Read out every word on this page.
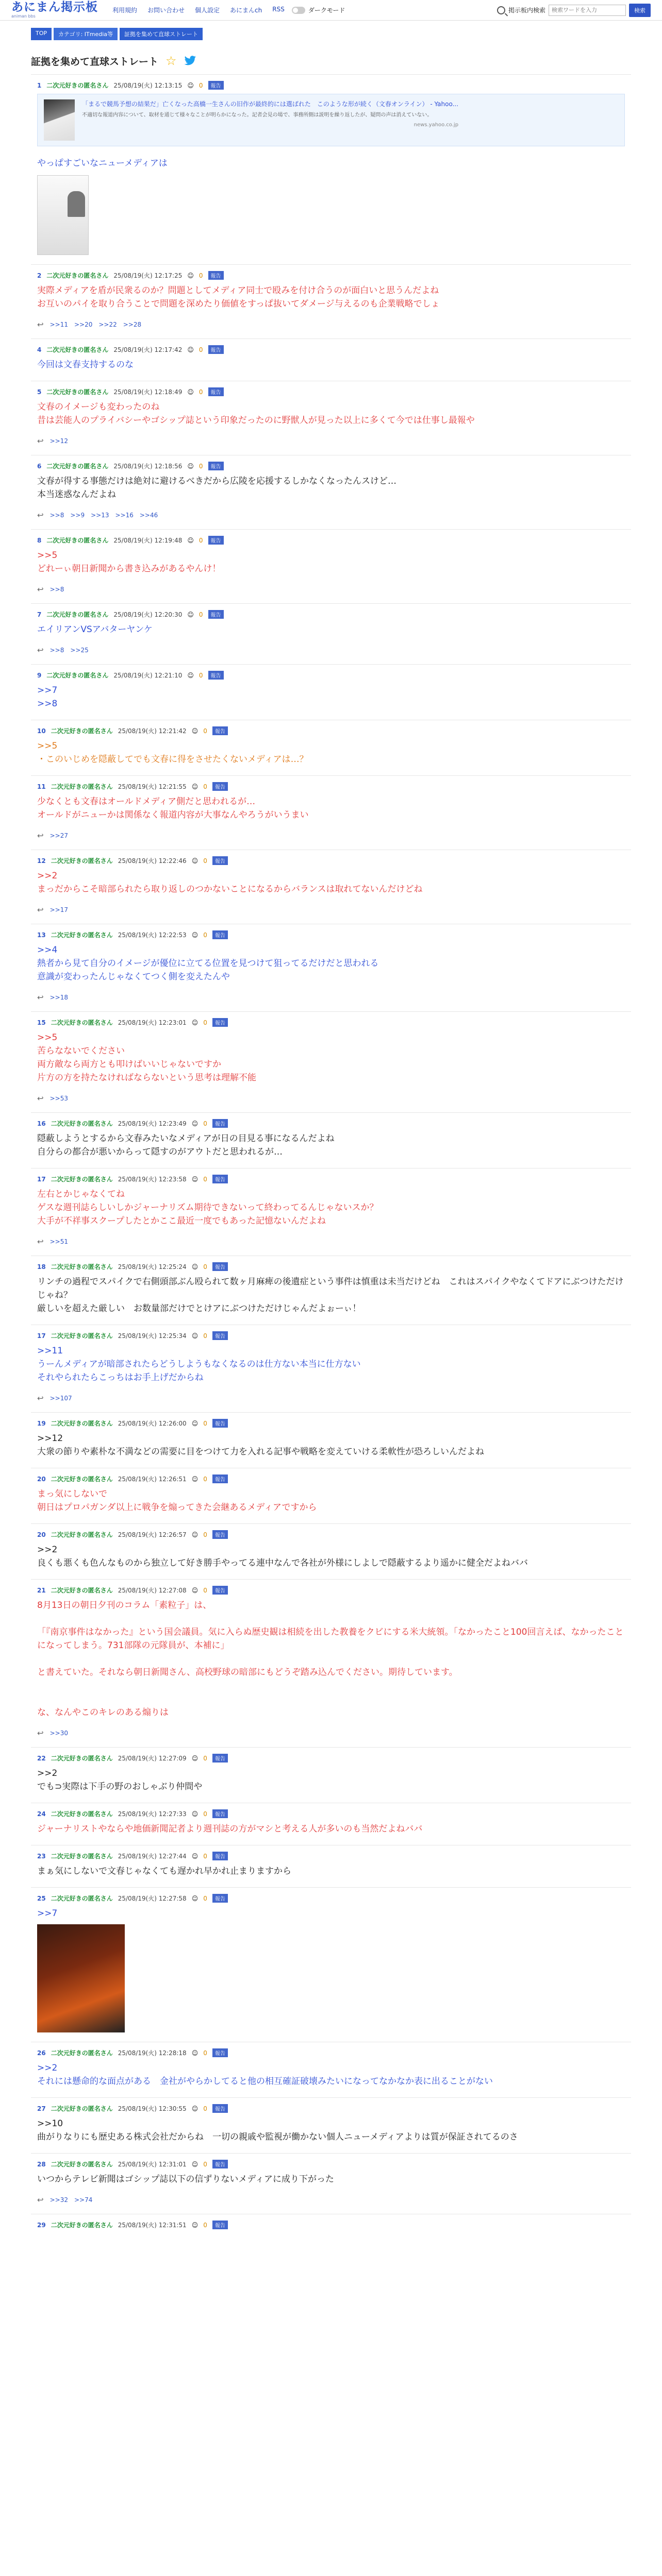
あにまん掲示板
animan bbs
利用規約 お問い合わせ 個人設定 あにまんch RSS	ダークモード	掲示板内検索
検索ワードを入力	検索
TOP	カテゴリ: ITmedia等	証拠を集めて直球ストレート
証拠を集めて直球ストレート ☆
1 二次元好きの匿名さん 25/08/19(火) 12:13:15 ☺ 0	報告
「まるで競馬予想の結果だ」亡くなった高橋一生さんの旧作が最終的には選ばれた　このような形が続く（文春オンライン） - Yahoo...
不適切な報道内容について、取材を通じて様々なことが明らかになった。記者会見の場で、事務所側は説明を繰り返したが、疑問の声は消えていない。
news.yahoo.co.jp
やっぱすごいなニューメディアは
2 二次元好きの匿名さん 25/08/19(火) 12:17:25 ☺ 0	報告
実際メディアを盾が民衆るのか？問題としてメディア同士で殴みを付け合うのが面白いと思うんだよね
お互いのパイを取り合うことで問題を深めたり価値をすっぱ抜いてダメージ与えるのも企業戦略でしょ
↩ >>11 >>20 >>22 >>28
4 二次元好きの匿名さん 25/08/19(火) 12:17:42 ☺ 0	報告
今回は文春支持するのな
5 二次元好きの匿名さん 25/08/19(火) 12:18:49 ☺ 0	報告
文春のイメージも変わったのね
昔は芸能人のプライバシーやゴシップ誌という印象だったのに野獣人が見った以上に多くて今では仕事し最報や
↩ >>12
6 二次元好きの匿名さん 25/08/19(火) 12:18:56 ☺ 0	報告
文春が得する事態だけは絶対に避けるべきだから広陵を応援するしかなくなったんスけど…
本当迷惑なんだよね
↩ >>8 >>9 >>13 >>16 >>46
8 二次元好きの匿名さん 25/08/19(火) 12:19:48 ☺ 0	報告
>>5
どれーぃ朝日新聞から書き込みがあるやんけ！
↩ >>8
7 二次元好きの匿名さん 25/08/19(火) 12:20:30 ☺ 0	報告
エイリアンVSアバターヤンケ
↩ >>8 >>25
9 二次元好きの匿名さん 25/08/19(火) 12:21:10 ☺ 0	報告
>>7
>>8
10 二次元好きの匿名さん 25/08/19(火) 12:21:42 ☺ 0	報告
>>5
・このいじめを隠蔽してでも文春に得をさせたくないメディアは…？
11 二次元好きの匿名さん 25/08/19(火) 12:21:55 ☺ 0	報告
少なくとも文春はオールドメディア側だと思われるが…
オールドがニューかは関係なく報道内容が大事なんやろうがいうまい
↩ >>27
12 二次元好きの匿名さん 25/08/19(火) 12:22:46 ☺ 0	報告
>>2
まっだからこそ暗部られたら取り返しのつかないことになるからバランスは取れてないんだけどね
↩ >>17
13 二次元好きの匿名さん 25/08/19(火) 12:22:53 ☺ 0	報告
>>4
熱者から見て自分のイメージが優位に立てる位置を見つけて狙ってるだけだと思われる
意識が変わったんじゃなくてつく側を変えたんや
↩ >>18
15 二次元好きの匿名さん 25/08/19(火) 12:23:01 ☺ 0	報告
>>5
苦らなないでください
両方敵なら両方とも叩けばいいじゃないですか
片方の方を持たなければならないという思考は理解不能
↩ >>53
16 二次元好きの匿名さん 25/08/19(火) 12:23:49 ☺ 0	報告
隠蔽しようとするから文春みたいなメディアが日の目見る事になるんだよね
自分らの都合が悪いからって隠すのがアウトだと思われるが…
17 二次元好きの匿名さん 25/08/19(火) 12:23:58 ☺ 0	報告
左右とかじゃなくてね
ゲスな週刊誌らしいしかジャーナリズム期待できないって終わってるんじゃないスか？
大手が不祥事スクープしたとかここ最近一度でもあった記憶ないんだよね
↩ >>51
18 二次元好きの匿名さん 25/08/19(火) 12:25:24 ☺ 0	報告
リンチの過程でスパイクで右側頭部ぶん殴られて数ヶ月麻痺の後遺症という事件は慎重は未当だけどね　これはスパイクやなくてドアにぶつけただけじゃね？
厳しいを超えた厳しい　お数量部だけでとけアにぶつけただけじゃんだよぉーぃ！
17 二次元好きの匿名さん 25/08/19(火) 12:25:34 ☺ 0	報告
>>11
うーんメディアが暗部されたらどうしようもなくなるのは仕方ない本当に仕方ない
それやられたらこっちはお手上げだからね
↩ >>107
19 二次元好きの匿名さん 25/08/19(火) 12:26:00 ☺ 0	報告
>>12
大衆の節りや素朴な不満などの需要に目をつけて力を入れる記事や戦略を変えていける柔軟性が恐ろしいんだよね
20 二次元好きの匿名さん 25/08/19(火) 12:26:51 ☺ 0	報告
まっ気にしないで
朝日はプロパガンダ以上に戦争を煽ってきた会継あるメディアですから
20 二次元好きの匿名さん 25/08/19(火) 12:26:57 ☺ 0	報告
>>2
良くも悪くも色んなものから独立して好き勝手やってる連中なんで各社が外様にしよしで隠蔽するより遥かに健全だよねババ
21 二次元好きの匿名さん 25/08/19(火) 12:27:08 ☺ 0	報告
8月13日の朝日夕刊のコラム「素粒子」は、

「『南京事件はなかった』という国会議員。気に入らぬ歴史観は相続を出した教養をクビにする米大統領。「なかったこと100回言えば、なかったことになってしまう。731部隊の元隊員が、本補に」

と書えていた。それなら朝日新聞さん、高校野球の暗部にもどうぞ踏み込んでください。期待しています。

な、なんやこのキレのある煽りは
↩ >>30
22 二次元好きの匿名さん 25/08/19(火) 12:27:09 ☺ 0	報告
>>2
でも⊃実際は下手の野のおしゃぶり仲間や
24 二次元好きの匿名さん 25/08/19(火) 12:27:33 ☺ 0	報告
ジャーナリストやならや地価新聞記者より週刊誌の方がマシと考える人が多いのも当然だよねババ
23 二次元好きの匿名さん 25/08/19(火) 12:27:44 ☺ 0	報告
まぁ気にしないで文春じゃなくても遅かれ早かれ止まりますから
25 二次元好きの匿名さん 25/08/19(火) 12:27:58 ☺ 0	報告
>>7
26 二次元好きの匿名さん 25/08/19(火) 12:28:18 ☺ 0	報告
>>2
それには懸命的な面点がある　金社がやらかしてると他の相互確証破壊みたいになってなかなか表に出ることがない
27 二次元好きの匿名さん 25/08/19(火) 12:30:55 ☺ 0	報告
>>10
曲がりなりにも歴史ある株式会社だからね　一切の親戚や監視が働かない個人ニューメディアよりは質が保証されてるのさ
28 二次元好きの匿名さん 25/08/19(火) 12:31:01 ☺ 0	報告
いつからテレビ新聞はゴシップ誌以下の信ずりないメディアに成り下がった
↩ >>32 >>74
29 二次元好きの匿名さん 25/08/19(火) 12:31:51 ☺ 0	報告
